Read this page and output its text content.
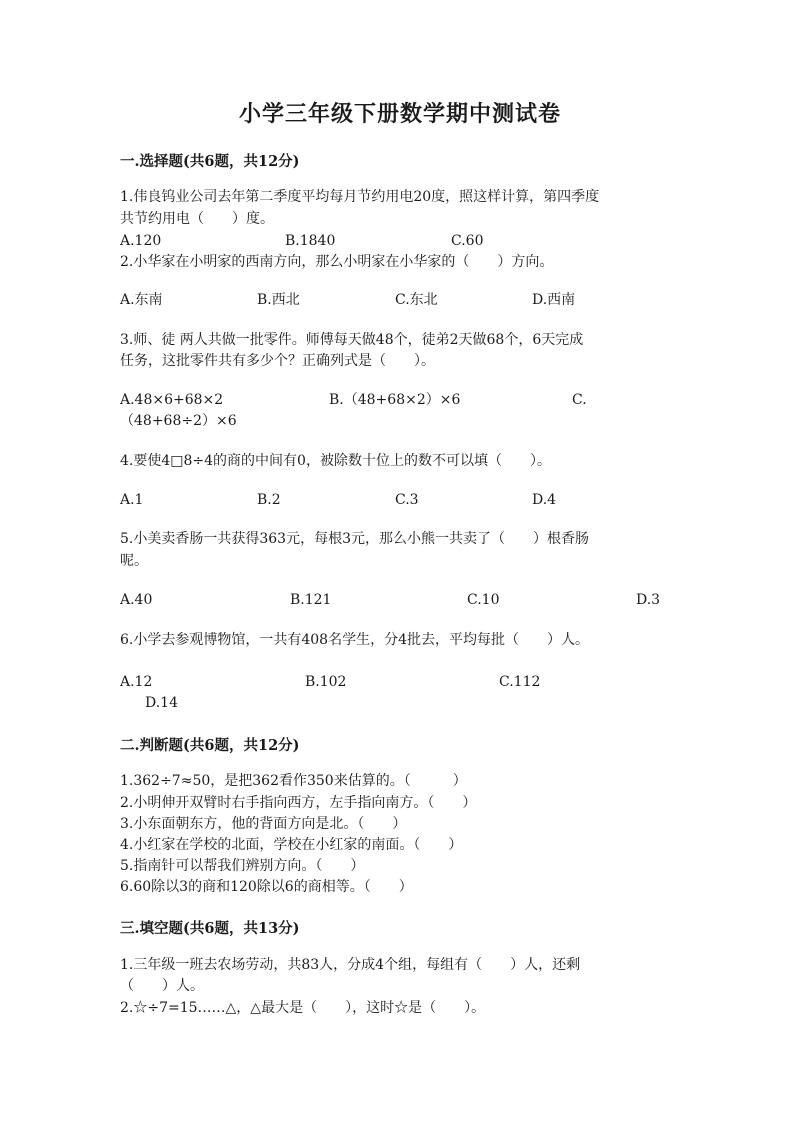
小学三年级下册数学期中测试卷
一.选择题(共6题，共12分)
1.伟良钨业公司去年第二季度平均每月节约用电20度，照这样计算，第四季度
共节约用电（　　）度。
A.120	B.1840	C.60
2.小华家在小明家的西南方向，那么小明家在小华家的（　　）方向。
A.东南	B.西北	C.东北	D.西南
3.师、徒 两人共做一批零件。师傅每天做48个，徒弟2天做68个，6天完成
任务，这批零件共有多少个？正确列式是（　　）。
A.48×6+68×2	B.（48+68×2）×6	C.
（48+68÷2）×6
4.要使4□8÷4的商的中间有0，被除数十位上的数不可以填（　　）。
A.1	B.2	C.3	D.4
5.小美卖香肠一共获得363元，每根3元，那么小熊一共卖了（　　）根香肠
呢。
A.40	B.121	C.10	D.3
6.小学去参观博物馆，一共有408名学生，分4批去，平均每批（　　）人。
A.12	B.102	C.112
D.14
二.判断题(共6题，共12分)
1.362÷7≈50，是把362看作350来估算的。（　　　）
2.小明伸开双臂时右手指向西方，左手指向南方。（　　）
3.小东面朝东方，他的背面方向是北。（　　）
4.小红家在学校的北面，学校在小红家的南面。（　　）
5.指南针可以帮我们辨别方向。（　　）
6.60除以3的商和120除以6的商相等。（　　）
三.填空题(共6题，共13分)
1.三年级一班去农场劳动，共83人，分成4个组，每组有（　　）人，还剩
（　　）人。
2.☆÷7=15……△，△最大是（　　），这时☆是（　　）。
